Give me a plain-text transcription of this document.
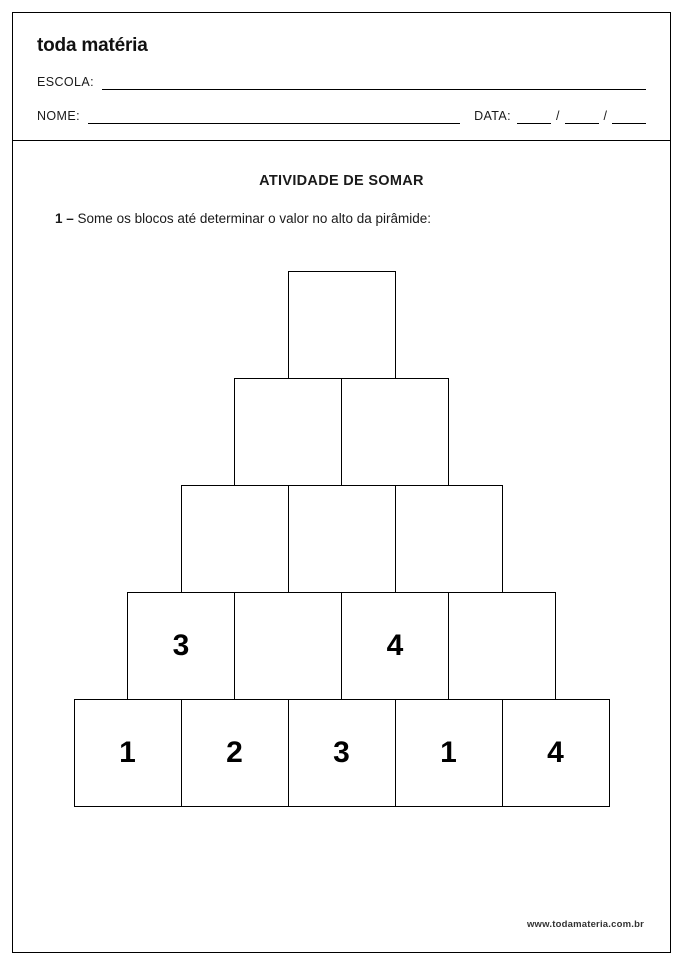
toda matéria
ESCOLA:
NOME:	DATA:	/	/
ATIVIDADE DE SOMAR
1 – Some os blocos até determinar o valor no alto da pirâmide:
3	4
1	2	3	1	4
www.todamateria.com.br
